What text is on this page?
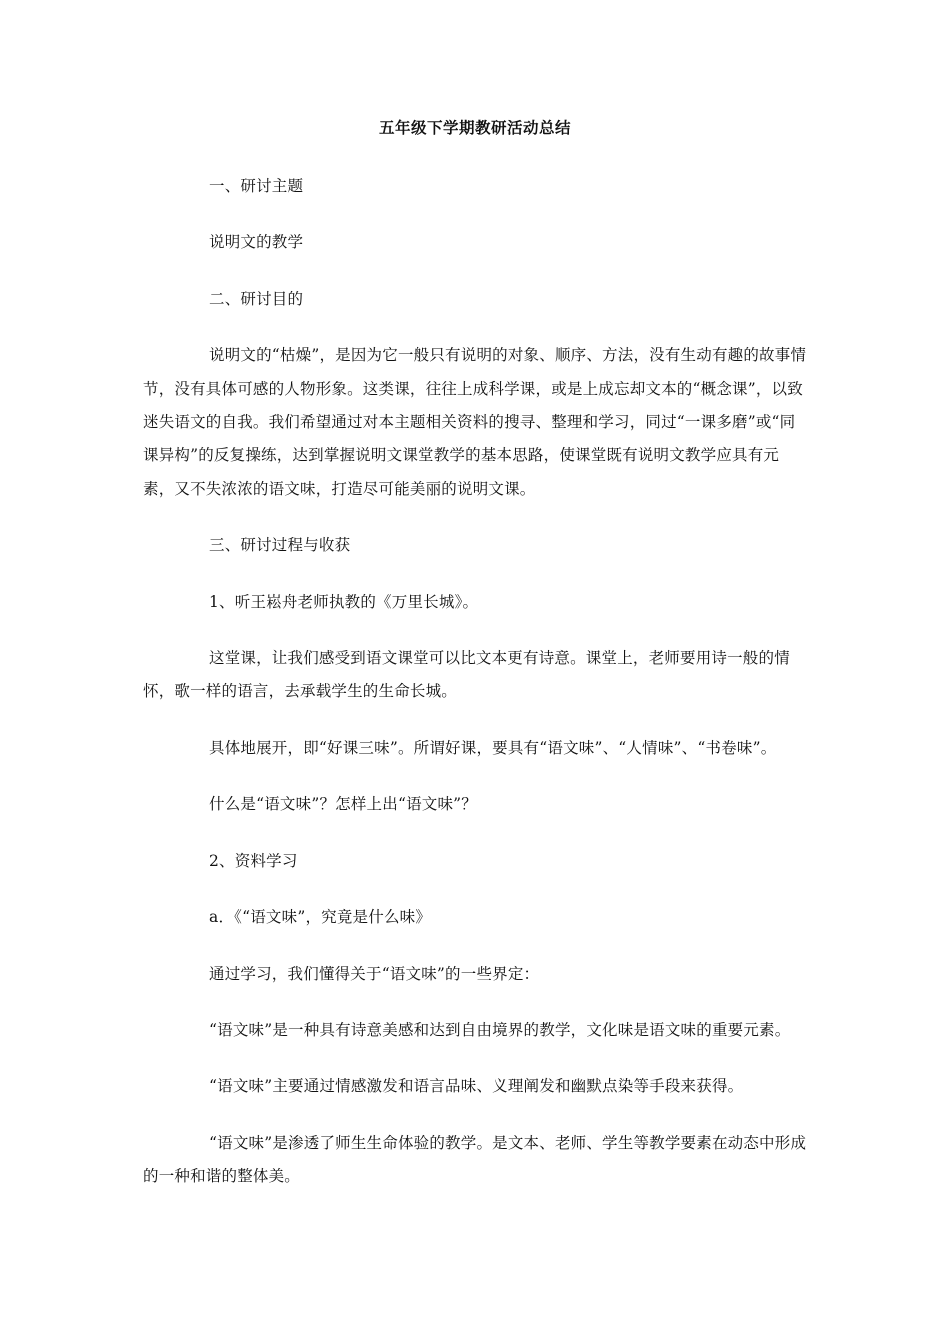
五年级下学期教研活动总结

一、研讨主题

说明文的教学

二、研讨目的

说明文的“枯燥”，是因为它一般只有说明的对象、顺序、方法，没有生动有趣的故事情节，没有具体可感的人物形象。这类课，往往上成科学课，或是上成忘却文本的“概念课”，以致迷失语文的自我。我们希望通过对本主题相关资料的搜寻、整理和学习，同过“一课多磨”或“同课异构”的反复操练，达到掌握说明文课堂教学的基本思路，使课堂既有说明文教学应具有元素，又不失浓浓的语文味，打造尽可能美丽的说明文课。

三、研讨过程与收获

1、听王崧舟老师执教的《万里长城》。

这堂课，让我们感受到语文课堂可以比文本更有诗意。课堂上，老师要用诗一般的情怀，歌一样的语言，去承载学生的生命长城。

具体地展开，即“好课三味”。所谓好课，要具有“语文味”、“人情味”、“书卷味”。

什么是“语文味”？怎样上出“语文味”？

2、资料学习

a．《“语文味”，究竟是什么味》

通过学习，我们懂得关于“语文味”的一些界定：

“语文味”是一种具有诗意美感和达到自由境界的教学，文化味是语文味的重要元素。

“语文味”主要通过情感激发和语言品味、义理阐发和幽默点染等手段来获得。

“语文味”是渗透了师生生命体验的教学。是文本、老师、学生等教学要素在动态中形成的一种和谐的整体美。
